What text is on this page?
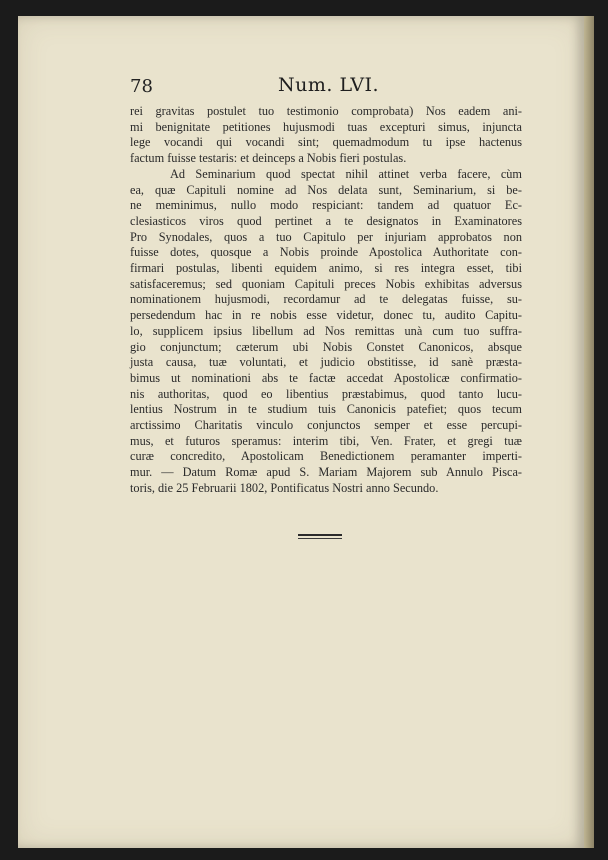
78	Num. LVI.
rei gravitas postulet tuo testimonio comprobata) Nos eadem ani-
mi benignitate petitiones hujusmodi tuas excepturi simus, injuncta
lege vocandi qui vocandi sint; quemadmodum tu ipse hactenus
factum fuisse testaris: et deinceps a Nobis fieri postulas.
Ad Seminarium quod spectat nihil attinet verba facere, cùm
ea, quæ Capituli nomine ad Nos delata sunt, Seminarium, si be-
ne meminimus, nullo modo respiciant: tandem ad quatuor Ec-
clesiasticos viros quod pertinet a te designatos in Examinatores
Pro Synodales, quos a tuo Capitulo per injuriam approbatos non
fuisse dotes, quosque a Nobis proinde Apostolica Authoritate con-
firmari postulas, libenti equidem animo, si res integra esset, tibi
satisfaceremus; sed quoniam Capituli preces Nobis exhibitas adversus
nominationem hujusmodi, recordamur ad te delegatas fuisse, su-
persedendum hac in re nobis esse videtur, donec tu, audito Capitu-
lo, supplicem ipsius libellum ad Nos remittas unà cum tuo suffra-
gio conjunctum; cæterum ubi Nobis Constet Canonicos, absque
justa causa, tuæ voluntati, et judicio obstitisse, id sanè præsta-
bimus ut nominationi abs te factæ accedat Apostolicæ confirmatio-
nis authoritas, quod eo libentius præstabimus, quod tanto lucu-
lentius Nostrum in te studium tuis Canonicis patefiet; quos tecum
arctissimo Charitatis vinculo conjunctos semper et esse percupi-
mus, et futuros speramus: interim tibi, Ven. Frater, et gregi tuæ
curæ concredito, Apostolicam Benedictionem peramanter imperti-
mur. — Datum Romæ apud S. Mariam Majorem sub Annulo Pisca-
toris, die 25 Februarii 1802, Pontificatus Nostri anno Secundo.
